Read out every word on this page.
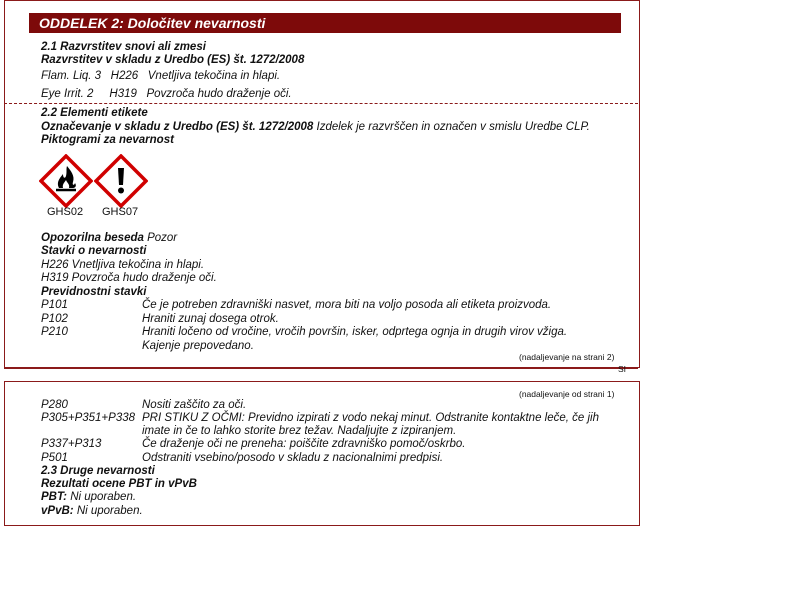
ODDELEK 2: Določitev nevarnosti
2.1 Razvrstitev snovi ali zmesi
Razvrstitev v skladu z Uredbo (ES) št. 1272/2008
Flam. Liq. 3 H226 Vnetljiva tekočina in hlapi.
Eye Irrit. 2 H319 Povzroča hudo draženje oči.
2.2 Elementi etikete
Označevanje v skladu z Uredbo (ES) št. 1272/2008 Izdelek je razvrščen in označen v smislu Uredbe CLP.
Piktogrami za nevarnost
GHS02 GHS07
Opozorilna beseda Pozor
Stavki o nevarnosti
H226 Vnetljiva tekočina in hlapi.
H319 Povzroča hudo draženje oči.
Previdnostni stavki
P101	Če je potreben zdravniški nasvet, mora biti na voljo posoda ali etiketa proizvoda.
P102	Hraniti zunaj dosega otrok.
P210	Hraniti ločeno od vročine, vročih površin, isker, odprtega ognja in drugih virov vžiga.
Kajenje prepovedano.
(nadaljevanje na strani 2)
SI
(nadaljevanje od strani 1)
P280	Nositi zaščito za oči.
P305+P351+P338 PRI STIKU Z OČMI: Previdno izpirati z vodo nekaj minut. Odstranite kontaktne leče, če jih
imate in če to lahko storite brez težav. Nadaljujte z izpiranjem.
P337+P313	Če draženje oči ne preneha: poiščite zdravniško pomoč/oskrbo.
P501	Odstraniti vsebino/posodo v skladu z nacionalnimi predpisi.
2.3 Druge nevarnosti
Rezultati ocene PBT in vPvB
PBT: Ni uporaben.
vPvB: Ni uporaben.
